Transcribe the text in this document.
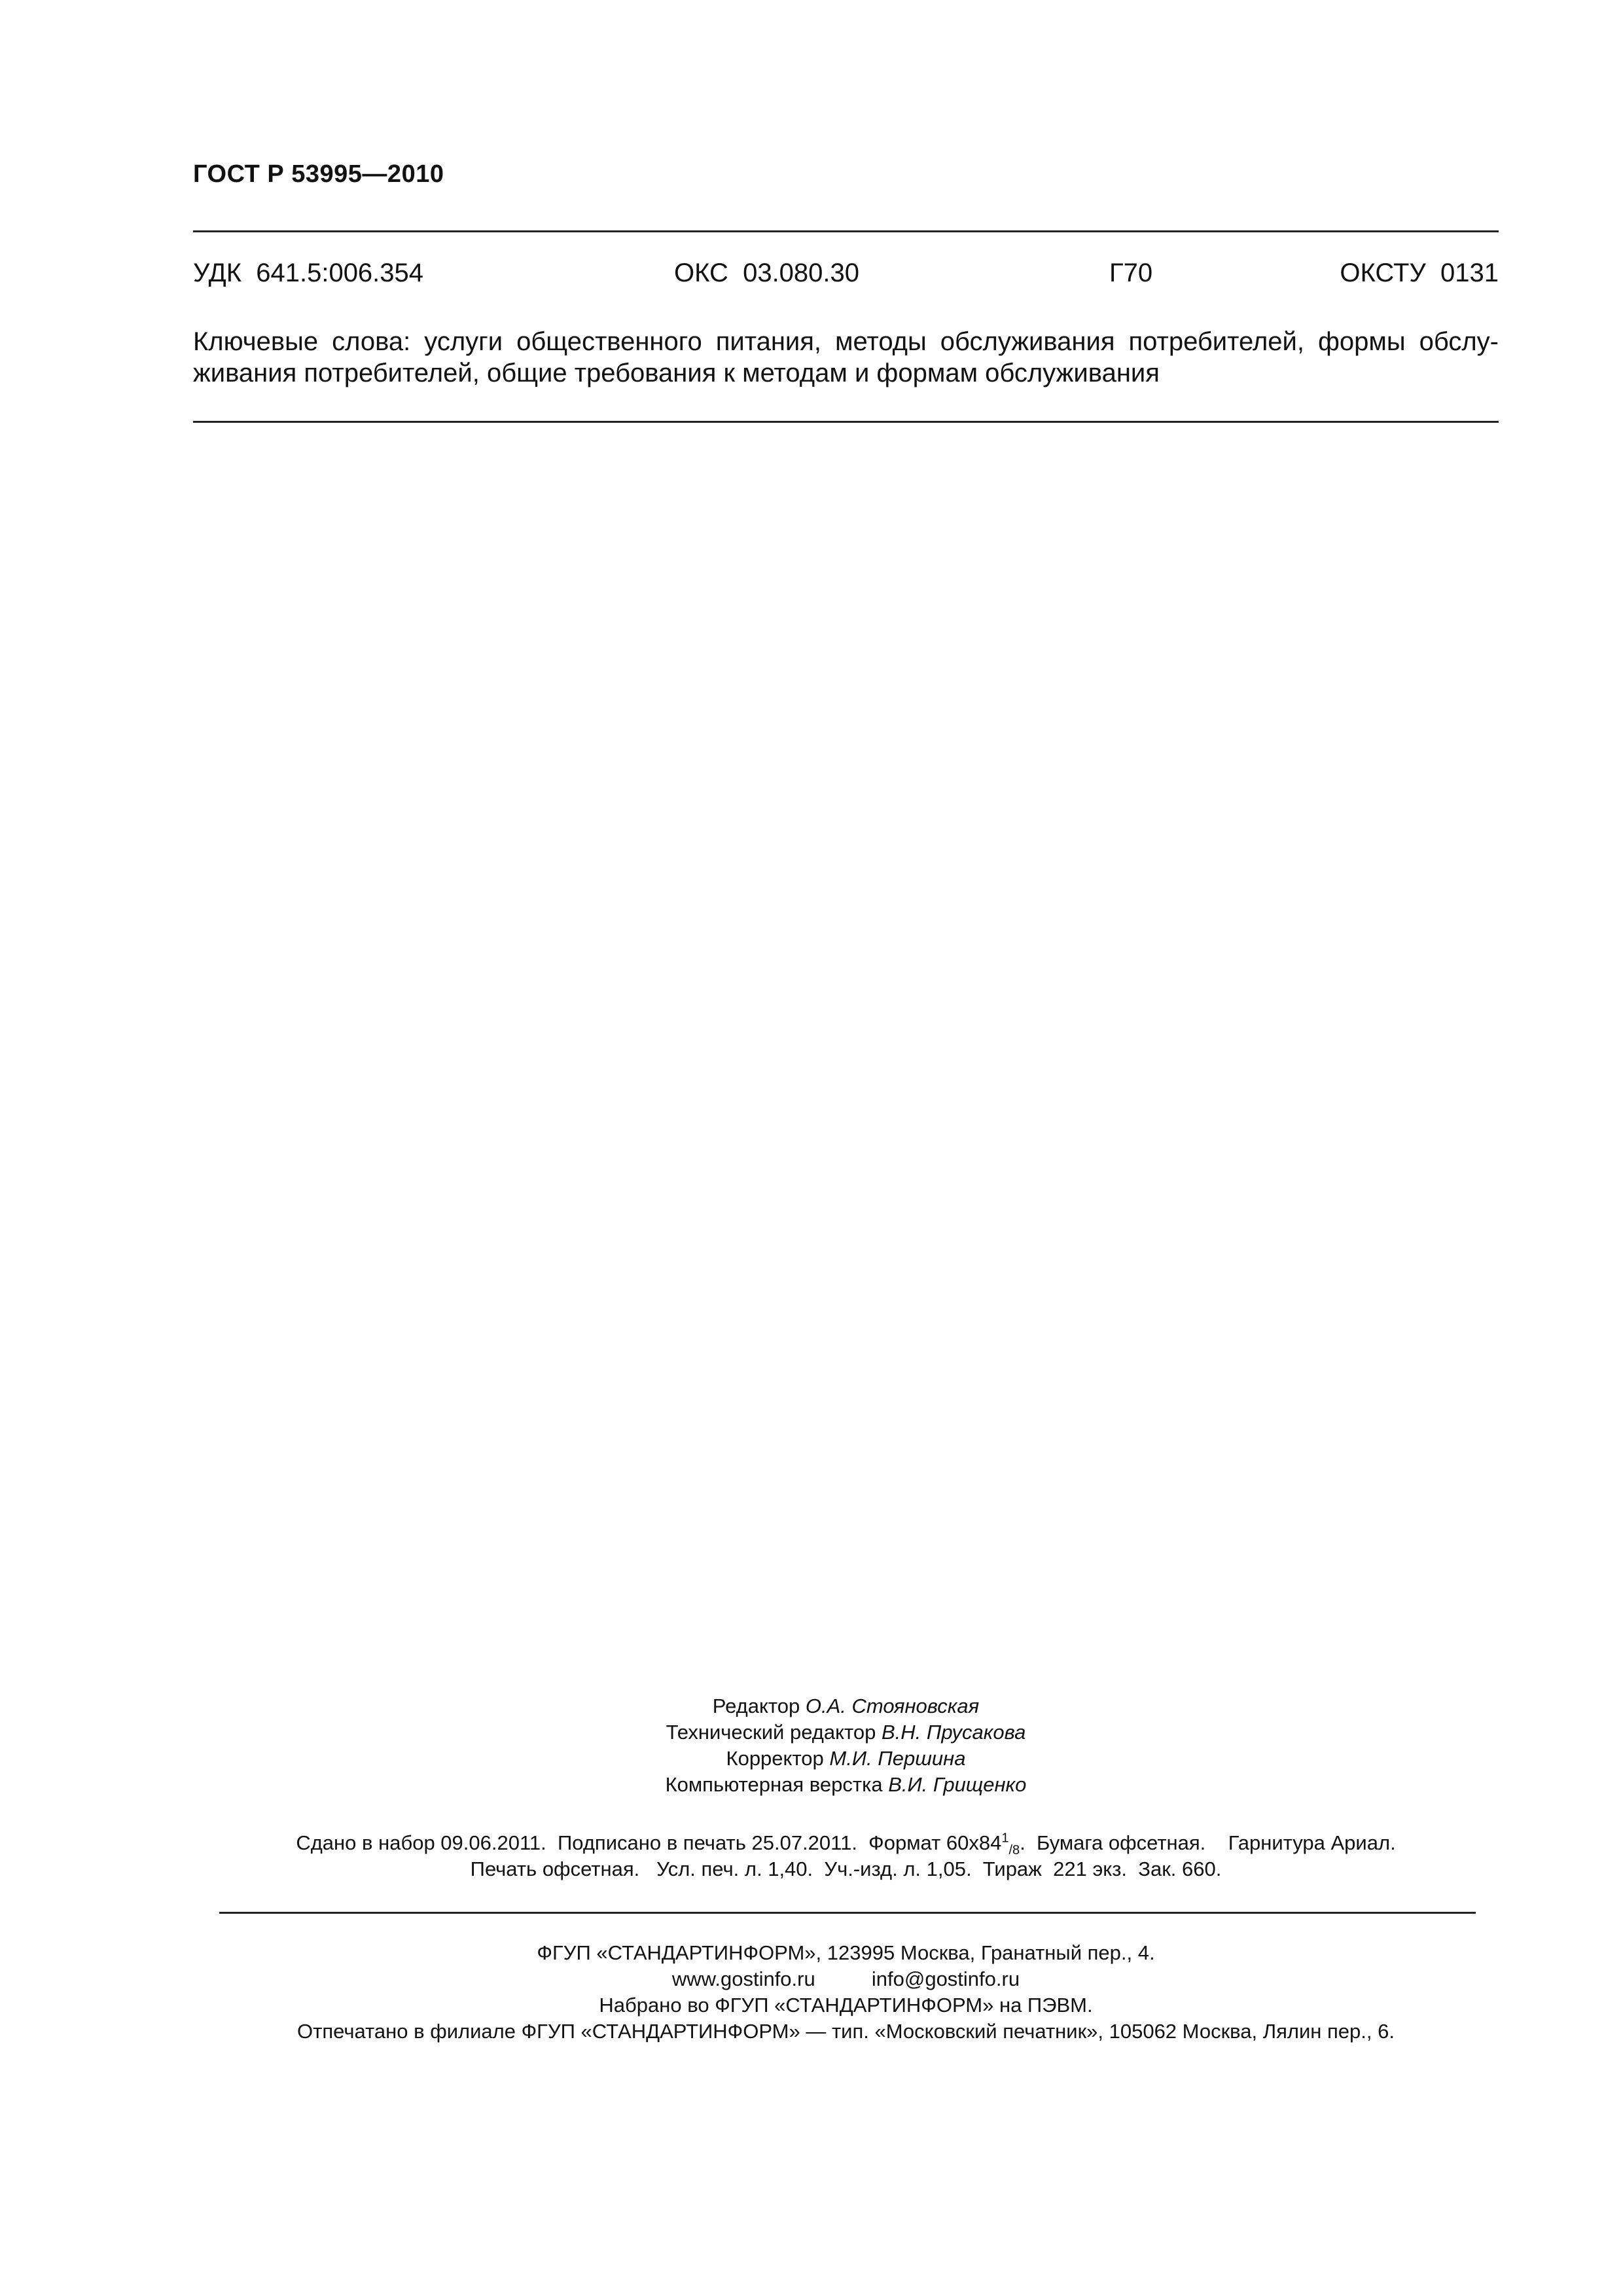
ГОСТ Р 53995—2010
УДК  641.5:006.354	ОКС  03.080.30	Г70	ОКСТУ  0131
Ключевые слова: услуги общественного питания, методы обслуживания потребителей, формы обслу-
живания потребителей, общие требования к методам и формам обслуживания
Редактор О.А. Стояновская
Технический редактор В.Н. Прусакова
Корректор М.И. Першина
Компьютерная верстка В.И. Грищенко
Сдано в набор 09.06.2011.  Подписано в печать 25.07.2011.  Формат $60х84^1_{/8}$.  Бумага офсетная.    Гарнитура Ариал.
Печать офсетная.   Усл. печ. л. 1,40.  Уч.-изд. л. 1,05.  Тираж  221 экз.  Зак. 660.
ФГУП «СТАНДАРТИНФОРМ», 123995 Москва, Гранатный пер., 4.
www.gostinfo.ru	info@gostinfo.ru
Набрано во ФГУП «СТАНДАРТИНФОРМ» на ПЭВМ.
Отпечатано в филиале ФГУП «СТАНДАРТИНФОРМ» — тип. «Московский печатник», 105062 Москва, Лялин пер., 6.
